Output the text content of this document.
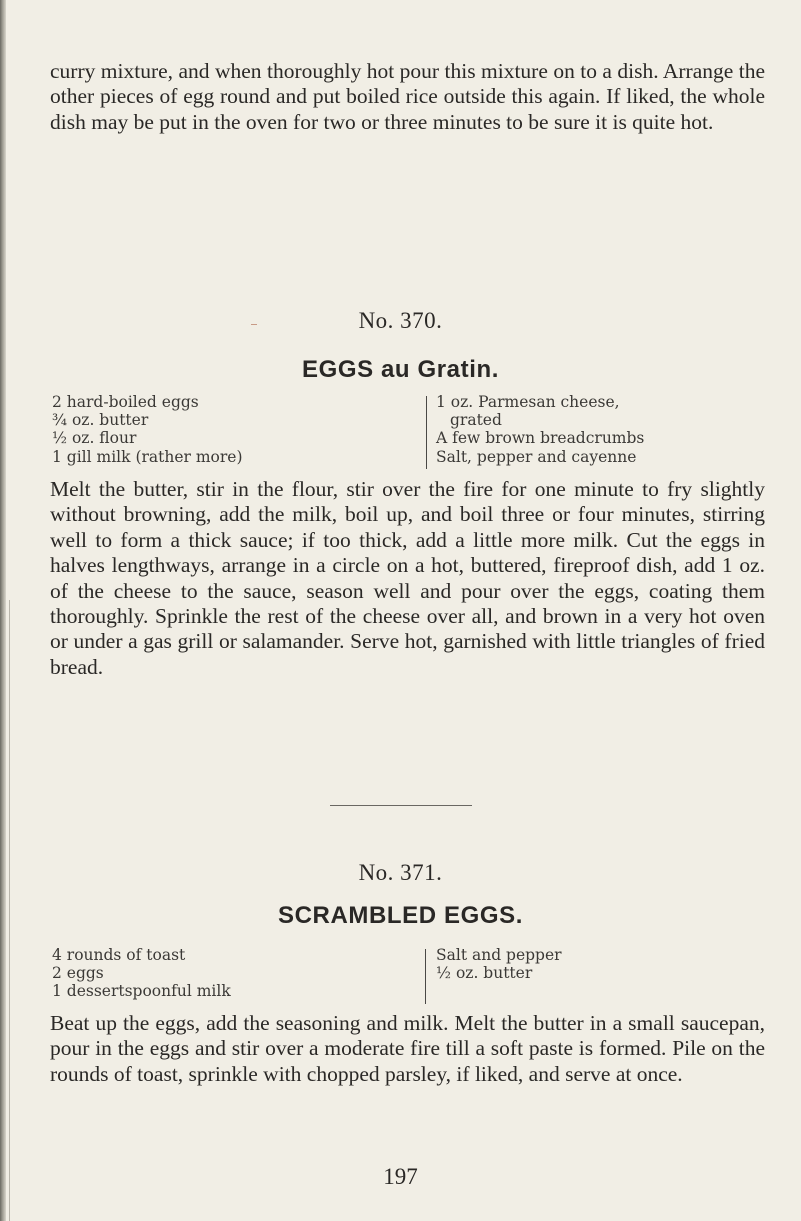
curry mixture, and when thoroughly hot pour this mixture on to a dish. Arrange the other pieces of egg round and put boiled rice outside this again. If liked, the whole dish may be put in the oven for two or three minutes to be sure it is quite hot.

No. 370.
EGGS au Gratin.
2 hard-boiled eggs
¾ oz. butter
½ oz. flour
1 gill milk (rather more)
1 oz. Parmesan cheese,
grated
A few brown breadcrumbs
Salt, pepper and cayenne

Melt the butter, stir in the flour, stir over the fire for one minute to fry slightly without browning, add the milk, boil up, and boil three or four minutes, stirring well to form a thick sauce; if too thick, add a little more milk. Cut the eggs in halves lengthways, arrange in a circle on a hot, buttered, fireproof dish, add 1 oz. of the cheese to the sauce, season well and pour over the eggs, coating them thoroughly. Sprinkle the rest of the cheese over all, and brown in a very hot oven or under a gas grill or salamander. Serve hot, garnished with little triangles of fried bread.

No. 371.
SCRAMBLED EGGS.
4 rounds of toast
2 eggs
1 dessertspoonful milk
Salt and pepper
½ oz. butter

Beat up the eggs, add the seasoning and milk. Melt the butter in a small saucepan, pour in the eggs and stir over a moderate fire till a soft paste is formed. Pile on the rounds of toast, sprinkle with chopped parsley, if liked, and serve at once.

197
